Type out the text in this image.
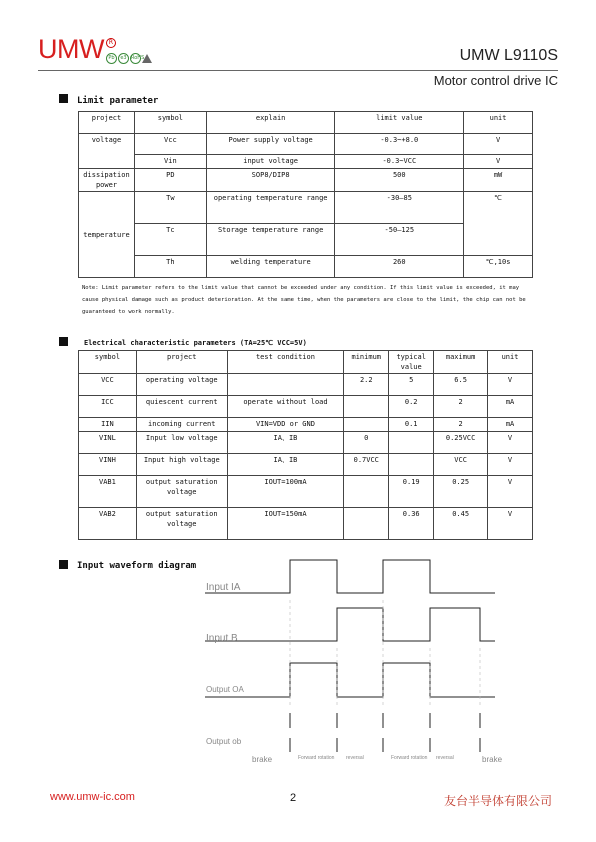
UMW R
Pb	e3 RoHS	UMW L9110S
Motor control drive IC
Limit parameter
project	symbol	explain	limit value	unit
voltage	Vcc	Power supply voltage	-0.3~+8.0	V
	Vin	input voltage	-0.3~VCC	V
dissipation power	PD	SOP8/DIP8	500	mW
temperature	Tw	operating temperature range	-30—85	℃
	Tc	Storage temperature range	-50—125	
	Th	welding temperature	260	℃,10s
Note: Limit parameter refers to the limit value that cannot be exceeded under any condition. If this limit value is exceeded, it may cause physical damage such as product deterioration. At the same time, when the parameters are close to the limit, the chip can not be guaranteed to work normally.
Electrical characteristic parameters (TA=25℃ VCC=5V)
symbol	project	test condition	minimum	typical value	maximum	unit
VCC	operating voltage		2.2	5	6.5	V
ICC	quiescent current	operate without load		0.2	2	mA
IIN	incoming current	VIN=VDD or GND		0.1	2	mA
VINL	Input low voltage	IA、IB	0		0.25VCC	V
VINH	Input high voltage	IA、IB	0.7VCC		VCC	V
VAB1	output saturation voltage	IOUT=100mA		0.19	0.25	V
VAB2	output saturation voltage	IOUT=150mA		0.36	0.45	V
Input waveform diagram
Input IA
Input B
Output OA
Output ob
brake	Forward rotation reversal	Forward rotation reversal	brake
www.umw-ic.com	2	友台半导体有限公司
